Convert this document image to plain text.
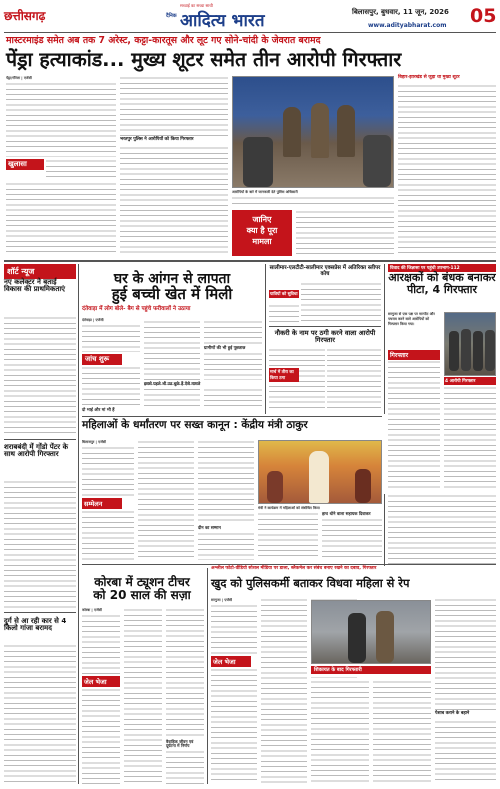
छत्तीसगढ़	दैनिक
सच्चाई का सच्चा साथी
आदित्य भारत	बिलासपुर, बुधवार, 11 जून, 2026
www.adityabharat.com 05
मास्टरमाइंड समेत अब तक 7 अरेस्ट, कट्टा-कारतूस और लूट गए सोने-चांदी के जेवरात बरामद
पेंड्रा हत्याकांड... मुख्य शूटर समेत तीन आरोपी गिरफ्तार
पेंड्रा/गौरेला | एजेंसी
खुलासा
भरतपुर पुलिस ने आरोपियों को किया गिरफ्तार
आरोपियों के बारे में जानकारी देते पुलिस अधिकारी
जानिए
क्या है पूरा
मामला
बिहार-झारखंड से जुड़ा था मुख्य शूटर
शॉर्ट न्यूज
नए कलेक्टर ने बताई विकास की प्राथमिकताएं
शराबबंदी में गोंडो पेंटर के साथ आरोपी गिरफ्तार
दुर्ग से आ रही कार से 4 किलो गांजा बरामद
घर के आंगन से लापता
हुई बच्ची खेत में मिली
दंतेवाड़ा में लोग बोले- बैग से पहुंचे फरीवालों ने उठाया
दंतेवाड़ा | एजेंसी
जांच शुरू
ग्रामीणों की भी हुई पूछताछ
इससे पहले भी उठ चुके हैं ऐसे मामले
दो भाई और मां भी हैं
सालीमार-एलटीटी-सालीमार एक्सप्रेस में अतिरिक्त स्लीपर कोच
यात्रियों को सुविधा
नौकरी के नाम पर ठगी करने वाला आरोपी गिरफ्तार
मार्च में तीरा का किया ठगा
विवाद की जिज्ञासा पर पहुंची उपभाग-112
आरक्षकों को बंधक बनाकर पीटा, 4 गिरफ्तार
सरगुजा से एक पक्ष पर मारपीट और पथराव करने वाले आरोपियों को गिरफ्तार किया गया।
4 आरोपी गिरफ्तार
गिरफ्तार
महिलाओं के धर्मांतरण पर सख्त कानून : केंद्रीय मंत्री ठाकुर
बिलासपुर | एजेंसी
सम्मेलन
दीन का सम्मान
मंत्री ने कार्यक्रम में महिलाओं को संबोधित किया
हाथ धोने वाला सहायक दिवाकर
कोरबा में ट्यूशन टीचर
को 20 साल की सज़ा
कोरबा | एजेंसी
जेल भेजा
वैवाहिक जीवन एवं दूर्घटना में निर्णय
अश्लील फोटो-वीडियो सोशल मीडिया पर डाला, ब्लैकमेल कर संबंध बनाए रखने का दबाव, गिरफ्तार
खुद को पुलिसकर्मी बताकर विधवा महिला से रेप
सरगुजा | एजेंसी
जेल भेजा
शिकायत के बाद गिरफ्तारी
पेशाब कराने के बहाने
